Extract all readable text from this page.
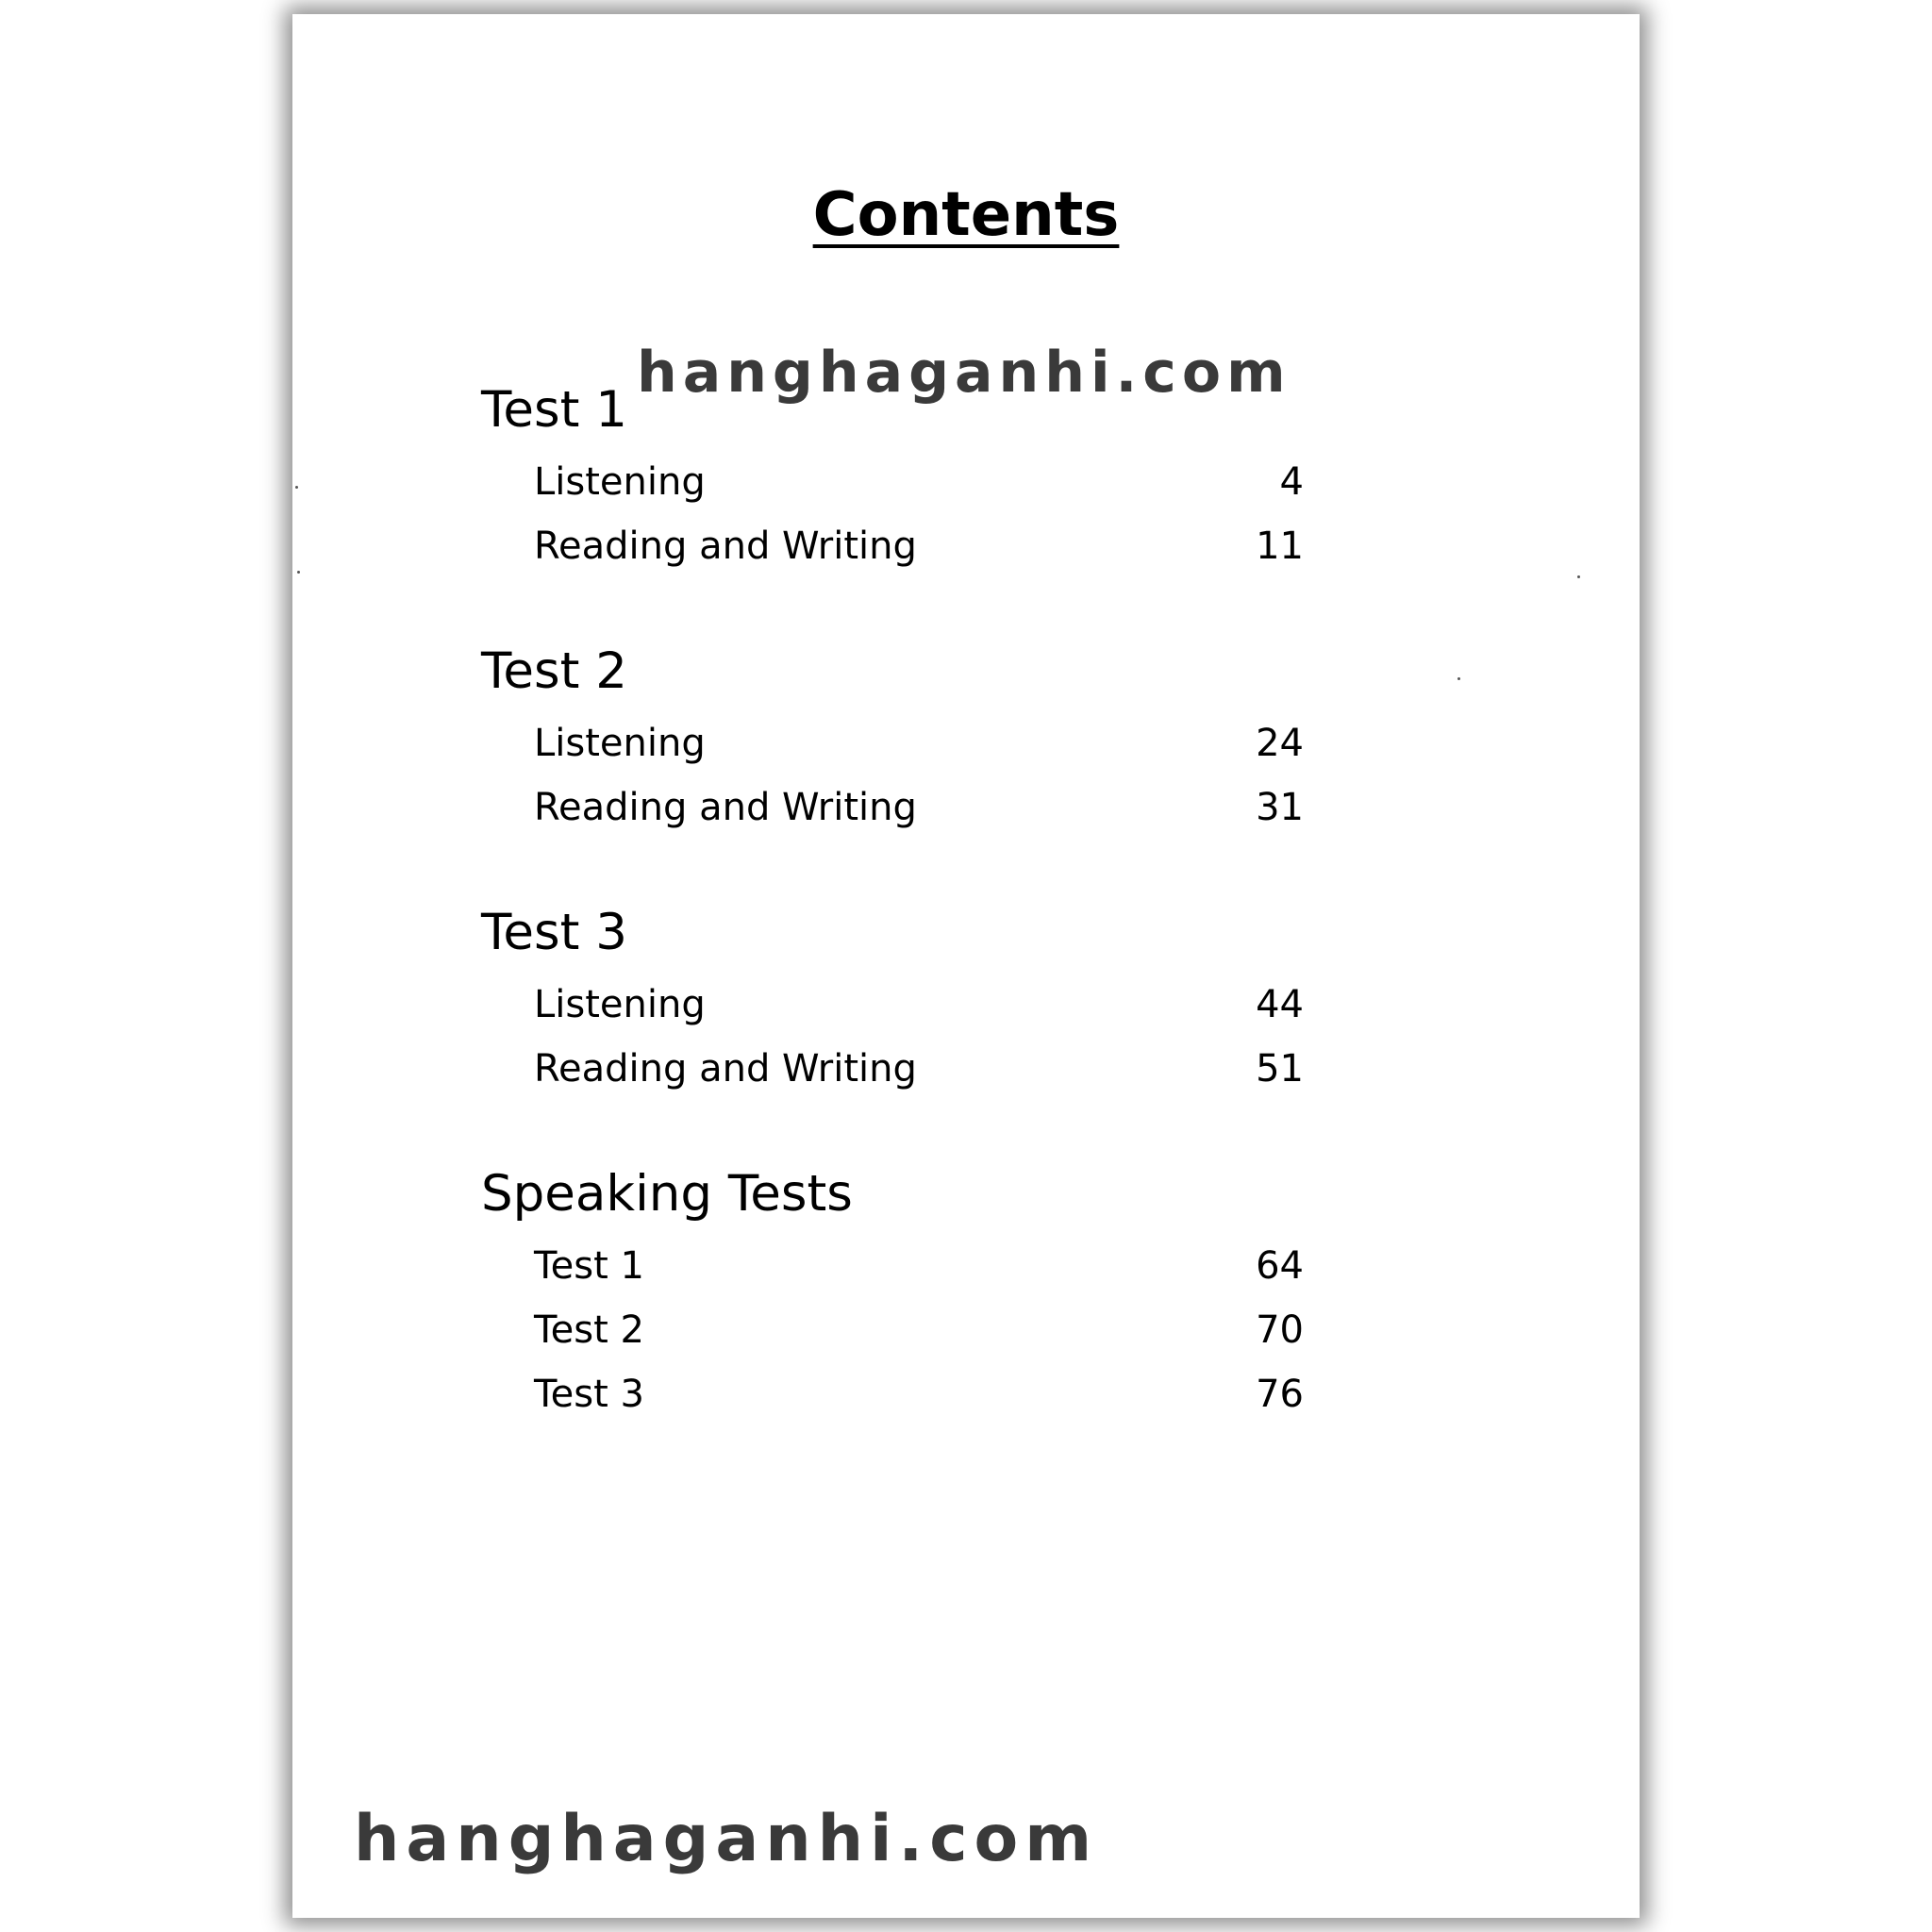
Contents
Test 1
Listening	4
Reading and Writing	11
Test 2
Listening	24
Reading and Writing	31
Test 3
Listening	44
Reading and Writing	51
Speaking Tests
Test 1	64
Test 2	70
Test 3	76
hanghaganhi.com
hanghaganhi.com
